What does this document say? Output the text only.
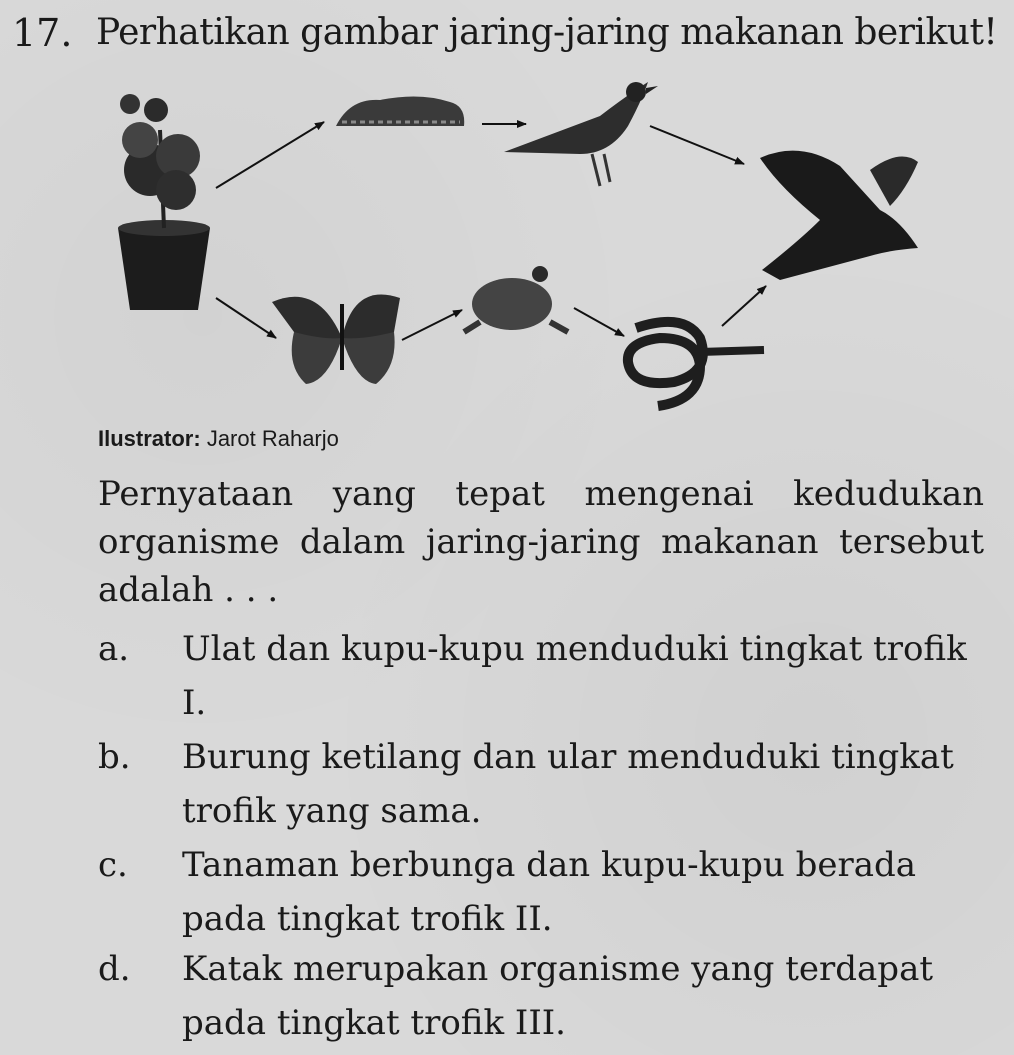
17. Perhatikan gambar jaring-jaring makanan berikut!
Ilustrator: Jarot Raharjo
Pernyataan yang tepat mengenai kedudukan organisme dalam jaring-jaring makanan tersebut adalah . . .
a.	Ulat dan kupu-kupu menduduki tingkat trofik I.
b.	Burung ketilang dan ular menduduki tingkat trofik yang sama.
c.	Tanaman berbunga dan kupu-kupu berada pada tingkat trofik II.
d.	Katak merupakan organisme yang terdapat pada tingkat trofik III.
